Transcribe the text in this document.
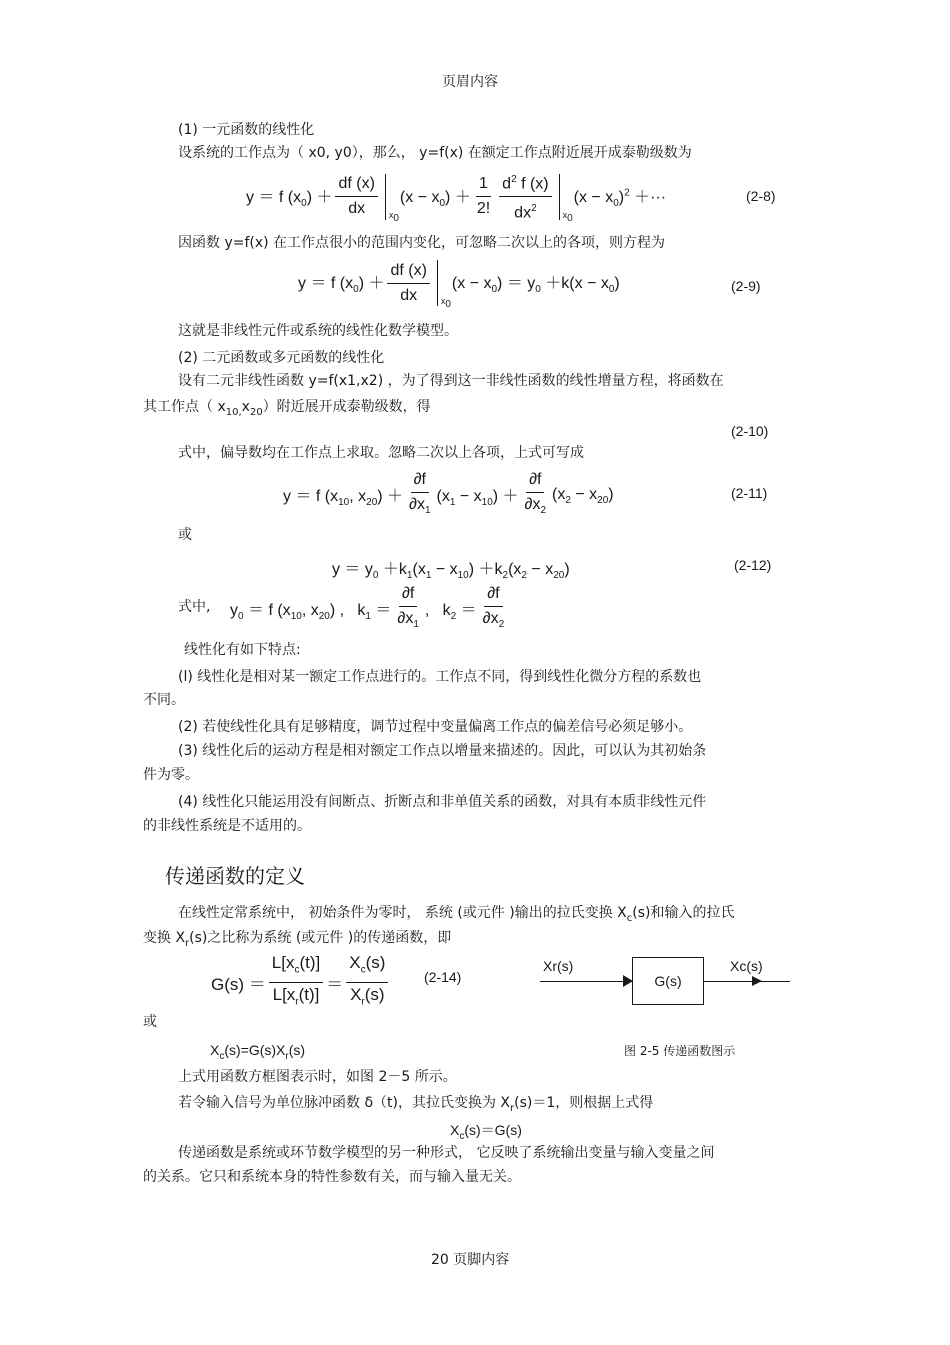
页眉内容
(1) 一元函数的线性化
设系统的工作点为（ x0, y0），那么， y=f(x) 在额定工作点附近展开成泰勒级数为
y ＝ f $(x_0) + \frac{df (x)}{dx} x_0$
$(x - x_0) + \frac{1}{2!} \frac{d^2 f (x)}{dx^2} x_0$
$(x - x_0)^2$ ＋···	(2-8)
因函数 y=f(x) 在工作点很小的范围内变化，可忽略二次以上的各项，则方程为
y ＝ f $(x_0) + \frac{df (x)}{dx} x_0$
$(x - x_0) = y_0 +k(x - x_0)$	(2-9)
这就是非线性元件或系统的线性化数学模型。
(2) 二元函数或多元函数的线性化
设有二元非线性函数 y=f(x1,x2) ，为了得到这一非线性函数的线性增量方程，将函数在
其工作点（ $x_{10,}x_{20}$）附近展开成泰勒级数，得
(2-10)
式中，偏导数均在工作点上求取。忽略二次以上各项，上式可写成
y ＝ f ($x_{10}$, $x_{20}) + \frac{\partial f}{\partial x_1} (x_1 - x_{10}) + \frac{\partial f}{\partial x_2} (x_2 - x_{20})$	(2-11)
或
$y = y_0 +k_1(x_1 - x_{10}) +k_2(x_2 - x_{20})$	(2-12)
式中, $y_0 = f$ ($x_{10}$, $x_{20}$) ,   $k_1 = \frac{\partial f}{\partial x_1}$ ,   $k_2 = \frac{\partial f}{\partial x_2}$
线性化有如下特点:
(l) 线性化是相对某一额定工作点进行的。工作点不同，得到线性化微分方程的系数也
不同。
(2) 若使线性化具有足够精度，调节过程中变量偏离工作点的偏差信号必须足够小。
(3) 线性化后的运动方程是相对额定工作点以增量来描述的。因此，可以认为其初始条
件为零。
(4) 线性化只能运用没有间断点、折断点和非单值关系的函数，对具有本质非线性元件
的非线性系统是不适用的。
传递函数的定义
在线性定常系统中， 初始条件为零时， 系统 (或元件 )输出的拉氏变换 $X_c(s)$和输入的拉氏
变换 $X_r(s)$之比称为系统 (或元件 )的传递函数，即
$G(s) = \frac{L[x_c(t)]}{L[x_r(t)]} = \frac{X_c(s)}{X_r(s)}$	(2-14)	G(s)
Xr(s)	Xc(s)
或
$X_c(s)=G(s)X_r(s)$	图 2-5 传递函数图示
上式用函数方框图表示时，如图 2－5 所示。
若令输入信号为单位脉冲函数 δ（t)，其拉氏变换为 $X_r(s)=1$，则根据上式得
$X_c(s)=G(s)$
传递函数是系统或环节数学模型的另一种形式， 它反映了系统输出变量与输入变量之间
的关系。它只和系统本身的特性参数有关，而与输入量无关。
20 页脚内容
